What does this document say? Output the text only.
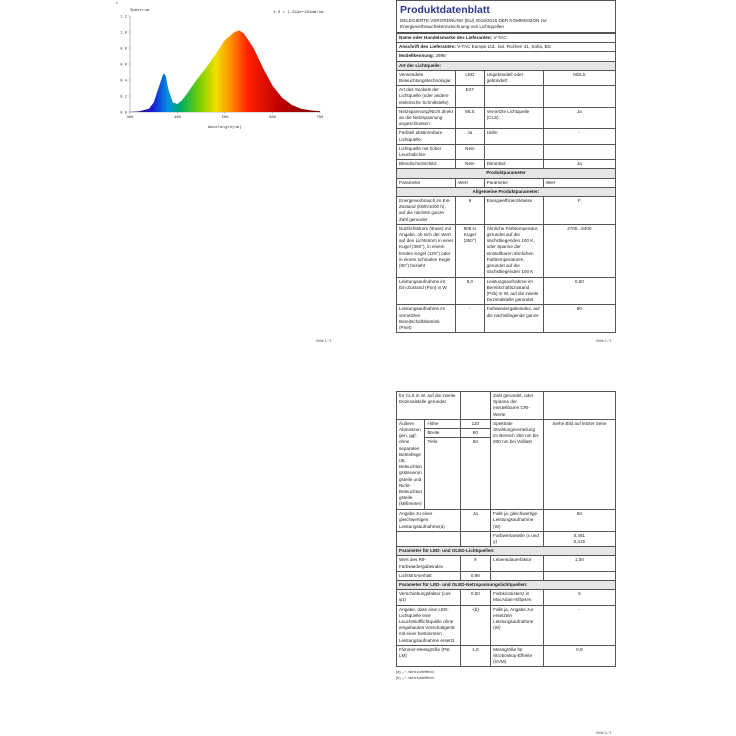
0.0
0.2
0.4
0.6
0.8
1.0
1.2
380	480	580	680	780
x
Spektrum	1.0 = 1.619e+201mW/nm
Wavelength(nm)
Seite 1 / 3
Produktdatenblatt
DELEGIERTE VERORDNUNG (EU) 2019/2015 DER KOMMISSION zur Energieverbrauchskennzeichnung von Lichtquellen
Name oder Handelsmarke des Lieferanten: V-TAC			
Anschrift des Lieferanten: V-TAC Europe Ltd., bul. Rozhen 41, Sofia, BG			
Modellkennung: 2998			
Art der Lichtquelle:			
Verwendete Beleuchtungstechnologie:	LED	Ungebündelt oder gebündelt:	NDLS
Art des Sockels der Lichtquelle (oder andere elektrische Schnittstelle)	E27		
Netzspannung/Nicht direkt an die Netzspannung angeschlossen:	MLS	Vernetzte Lichtquelle (CLS):	Ja
Farbteil abstimmbare Lichtquelle:	Ja	Hülle:	-
Lichtquelle mit hoher Leuchtdichte:	Nein		
Blendschutzschild:	Nein	Dimmbar:	Ja
Produktparameter			
Parameter	Wert	Parameter	Wert
Allgemeine Produktparameter:			
Energieverbrauch im Ein-Zustand (kWh/1000 h), auf die nächste ganze Zahl gerundet	9	Energieeffizienzklasse	F
Nutzlichtstrom (Φuse) mit Angabe, ob sich der Wert auf den Lichtstrom in einer Kugel (360°), in einem breiten Kegel (120°) oder in einem schmalen Kegel (90°) bezieht	806 in Kugel (360°)	Ähnliche Farbtemperatur, gerundet auf die nächstliegenden 100 K, oder Spanne der einstellbaren ähnlichen Farbtemperaturen, gerundet auf die nächstliegenden 100 K	2700...6400
Leistungsaufnahme im Ein-Zustand (Pon) in W	9,0	Leistungsaufnahme im Bereitschaftszustand (Psb) in W, auf die zweite Dezimalstelle gerundet	0,50
Leistungsaufnahme im vernetzten Bereitschaftsbetrieb (Pnet)	-	Farbwiedergabeindex, auf die nächstliegende ganze	80
Seite 2 / 3
für CLS in W, auf die zweite Dezimalstelle gerundet			Zahl gerundet, oder Spanne der einstellbaren CRI-Werte	
Äußere Abmessungen, ggf. ohne separates Betriebsgerät, Beleuchtungssteuerungsteile und Nicht-Beleuchtungsteile (Millimeter)	Höhe	110	Spektrale Strahlungsverteilung im Bereich 250 nm bis 800 nm bei Volllast	Siehe Bild auf letzter Seite
	Breite	60		
	Tiefe	60		
Angabe zu einer gleichwertigen Leistungsaufnahme(a)		Ja	Falls ja, gleichwertige Leistungsaufnahme (W)	60
			Farbwertanteile (x und y)	0,461
0,415
Parameter für LED- und OLED-Lichtquellen:				
Wert des R9-Farbwiedergabeindex		9	Lebensdauerfaktor	1,00
Lichtstromerhalt		0,96		
Parameter für LED- und OLED-Netzspannungslichtquellen:				
Verschiebungsfaktor (cos φ1)		0,50	Farbkonsistenz in MacAdam-Ellipsen	6
Angabe, dass eine LED-Lichtquelle eine Leuchtstofflichtquelle ohne eingebautes Vorschaltgerät mit einer bestimmten Leistungsaufnahme ersetzt.		-(b)	Falls ja, Angabe zur ersetzten Leistungsaufnahme (W)	-
Flimmer-Messgröße (Pst LM)		1,0	Messgröße für Stroboskop-Effekte (SVM)	0,9
(a) „-“: nicht zutreffend;
(b) „-“: nicht zutreffend;
Seite 3 / 3
